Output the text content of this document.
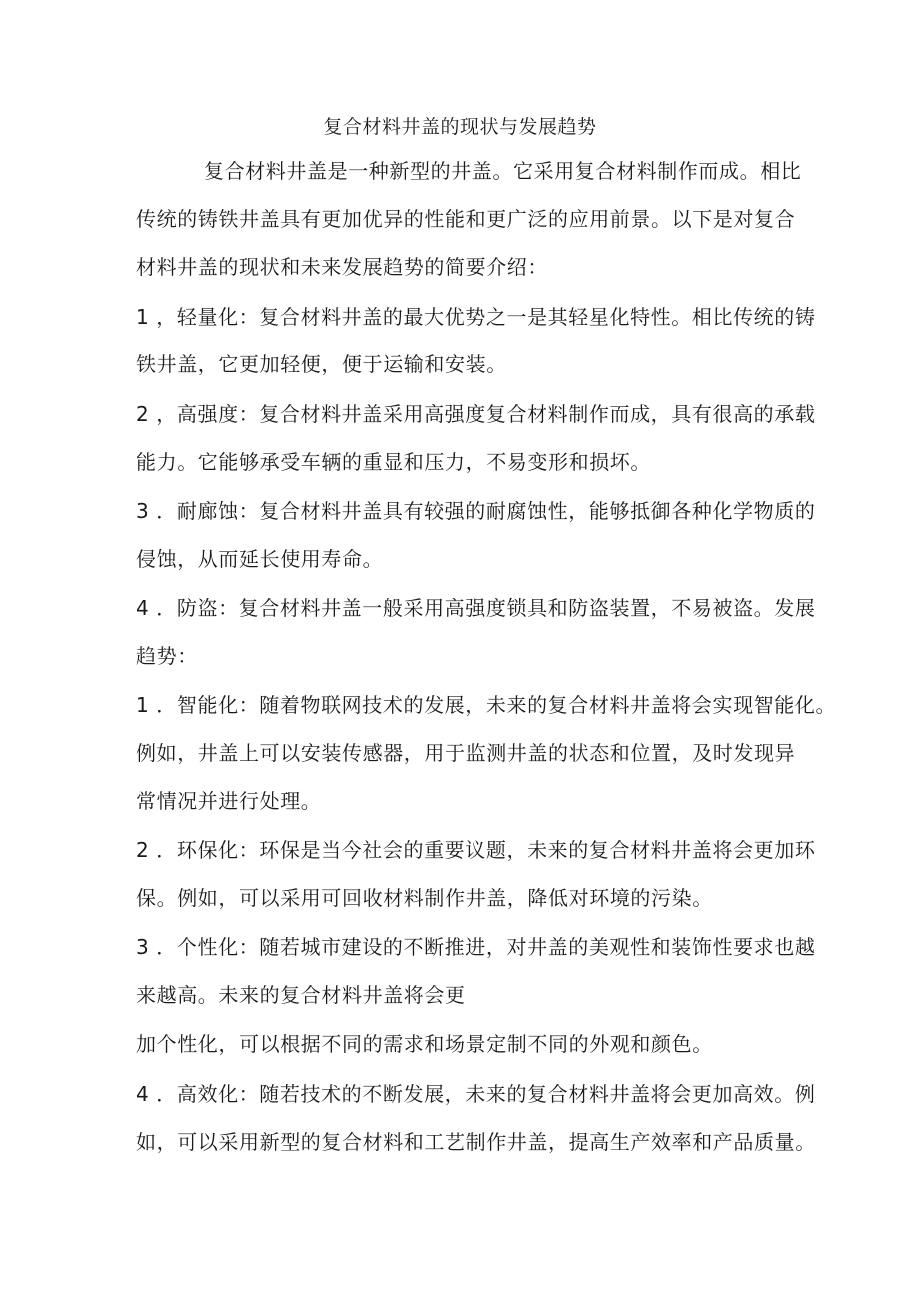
复合材料井盖的现状与发展趋势
复合材料井盖是一种新型的井盖。它采用复合材料制作而成。相比
传统的铸铁井盖具有更加优异的性能和更广泛的应用前景。以下是对复合
材料井盖的现状和未来发展趋势的简要介绍：
1 ，轻量化：复合材料井盖的最大优势之一是其轻星化特性。相比传统的铸
铁井盖，它更加轻便，便于运输和安装。
2 ，高强度：复合材料井盖采用高强度复合材料制作而成，具有很高的承载
能力。它能够承受车辆的重显和压力，不易变形和损坏。
3 ．耐廊蚀：复合材料井盖具有较强的耐腐蚀性，能够抵御各种化学物质的
侵蚀，从而延长使用寿命。
4 ．防盗：复合材料井盖一般采用高强度锁具和防盗装置，不易被盗。发展
趋势：
1 ．智能化：随着物联网技术的发展，未来的复合材料井盖将会实现智能化。
例如，井盖上可以安装传感器，用于监测井盖的状态和位置，及时发现异
常情况并进行处理。
2 ．环保化：环保是当今社会的重要议题，未来的复合材料井盖将会更加环
保。例如，可以采用可回收材料制作井盖，降低对环境的污染。
3 ．个性化：随若城市建设的不断推进，对井盖的美观性和装饰性要求也越
来越高。未来的复合材料井盖将会更
加个性化，可以根据不同的需求和场景定制不同的外观和颜色。
4 ．高效化：随若技术的不断发展，未来的复合材料井盖将会更加高效。例
如，可以采用新型的复合材料和工艺制作井盖，提高生产效率和产品质量。
